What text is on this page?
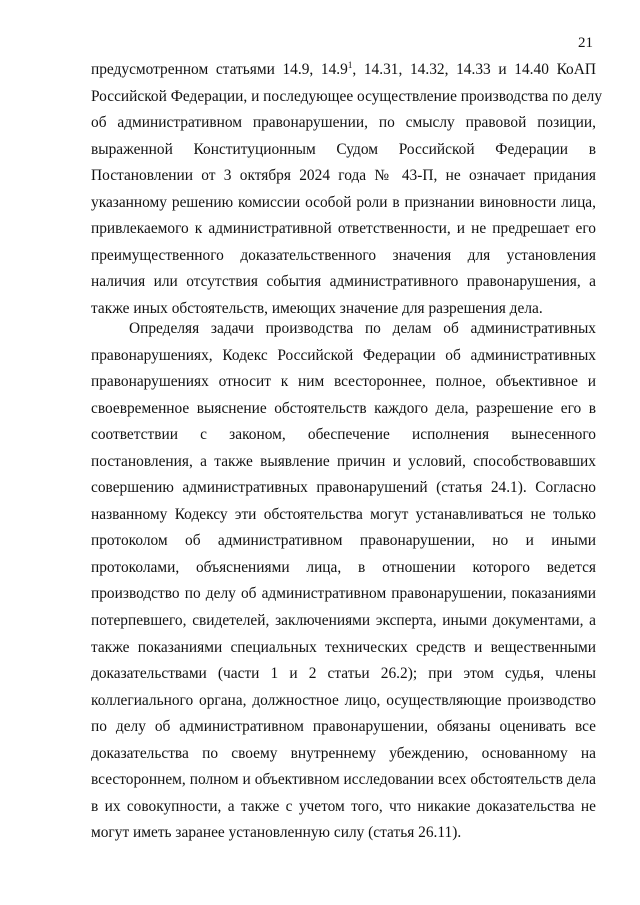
21
предусмотренном статьями 14.9, 14.9$^1$, 14.31, 14.32, 14.33 и 14.40 КоАП
Российской Федерации, и последующее осуществление производства по делу
об административном правонарушении, по смыслу правовой позиции,
выраженной Конституционным Судом Российской Федерации в
Постановлении от 3 октября 2024 года № 43-П, не означает придания
указанному решению комиссии особой роли в признании виновности лица,
привлекаемого к административной ответственности, и не предрешает его
преимущественного доказательственного значения для установления
наличия или отсутствия события административного правонарушения, а
также иных обстоятельств, имеющих значение для разрешения дела.
Определяя задачи производства по делам об административных
правонарушениях, Кодекс Российской Федерации об административных
правонарушениях относит к ним всестороннее, полное, объективное и
своевременное выяснение обстоятельств каждого дела, разрешение его в
соответствии с законом, обеспечение исполнения вынесенного
постановления, а также выявление причин и условий, способствовавших
совершению административных правонарушений (статья 24.1). Согласно
названному Кодексу эти обстоятельства могут устанавливаться не только
протоколом об административном правонарушении, но и иными
протоколами, объяснениями лица, в отношении которого ведется
производство по делу об административном правонарушении, показаниями
потерпевшего, свидетелей, заключениями эксперта, иными документами, а
также показаниями специальных технических средств и вещественными
доказательствами (части 1 и 2 статьи 26.2); при этом судья, члены
коллегиального органа, должностное лицо, осуществляющие производство
по делу об административном правонарушении, обязаны оценивать все
доказательства по своему внутреннему убеждению, основанному на
всестороннем, полном и объективном исследовании всех обстоятельств дела
в их совокупности, а также с учетом того, что никакие доказательства не
могут иметь заранее установленную силу (статья 26.11).
